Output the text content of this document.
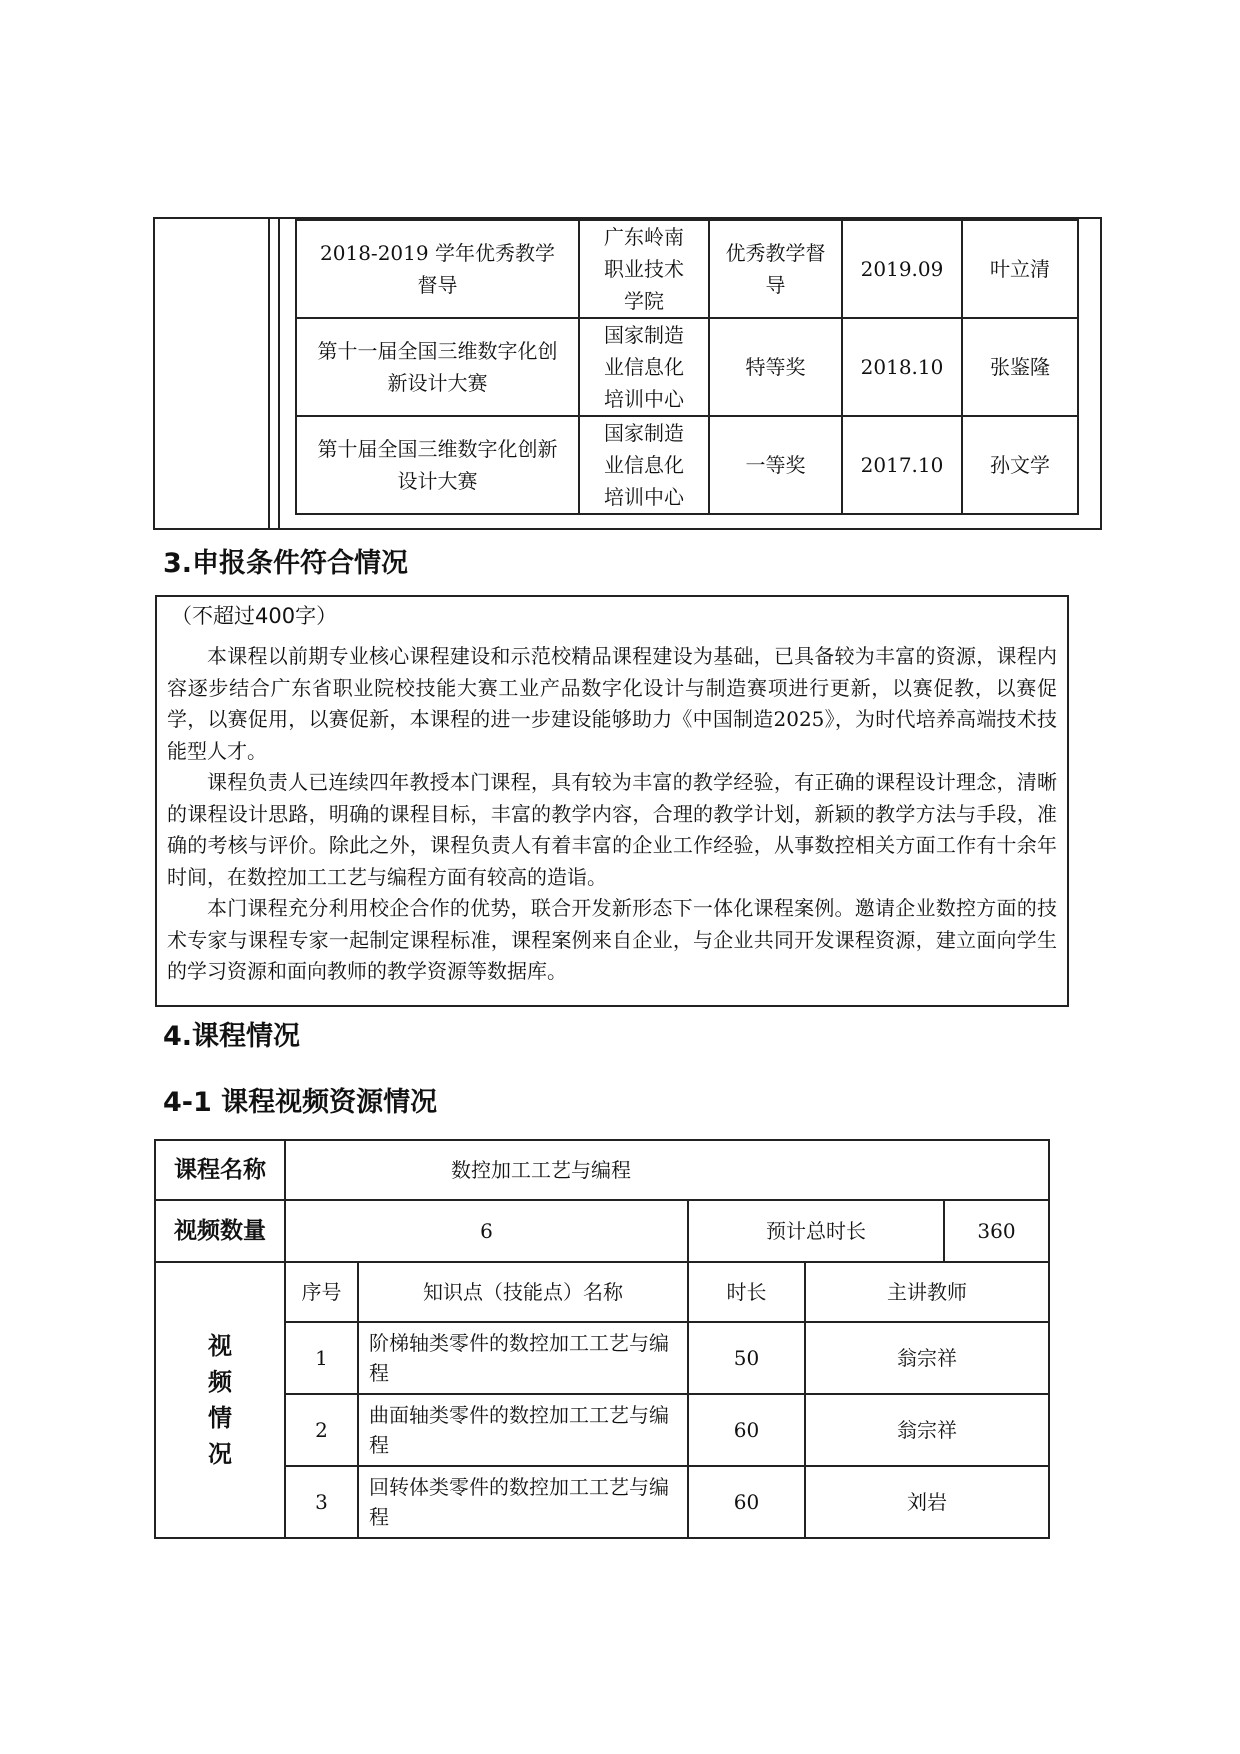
2018-2019 学年优秀教学督导	广东岭南职业技术学院	优秀教学督导	2019.09	叶立清
第十一届全国三维数字化创新设计大赛	国家制造业信息化培训中心	特等奖	2018.10	张鉴隆
第十届全国三维数字化创新设计大赛	国家制造业信息化培训中心	一等奖	2017.10	孙文学
3.申报条件符合情况
（不超过400字）

本课程以前期专业核心课程建设和示范校精品课程建设为基础，已具备较为丰富的资源，课程内容逐步结合广东省职业院校技能大赛工业产品数字化设计与制造赛项进行更新，以赛促教，以赛促学，以赛促用，以赛促新，本课程的进一步建设能够助力《中国制造2025》，为时代培养高端技术技能型人才。

课程负责人已连续四年教授本门课程，具有较为丰富的教学经验，有正确的课程设计理念，清晰的课程设计思路，明确的课程目标，丰富的教学内容，合理的教学计划，新颖的教学方法与手段，准确的考核与评价。除此之外，课程负责人有着丰富的企业工作经验，从事数控相关方面工作有十余年时间，在数控加工工艺与编程方面有较高的造诣。

本门课程充分利用校企合作的优势，联合开发新形态下一体化课程案例。邀请企业数控方面的技术专家与课程专家一起制定课程标准，课程案例来自企业，与企业共同开发课程资源，建立面向学生的学习资源和面向教师的教学资源等数据库。

4.课程情况
4-1 课程视频资源情况
课程名称	数控加工工艺与编程
视频数量	6		预计总时长	360

视
频
情
况
	序号	知识点（技能点）名称	时长	主讲教师
1	阶梯轴类零件的数控加工工艺与编程	50	翁宗祥
2	曲面轴类零件的数控加工工艺与编程	60	翁宗祥
3	回转体类零件的数控加工工艺与编程	60	刘岩
